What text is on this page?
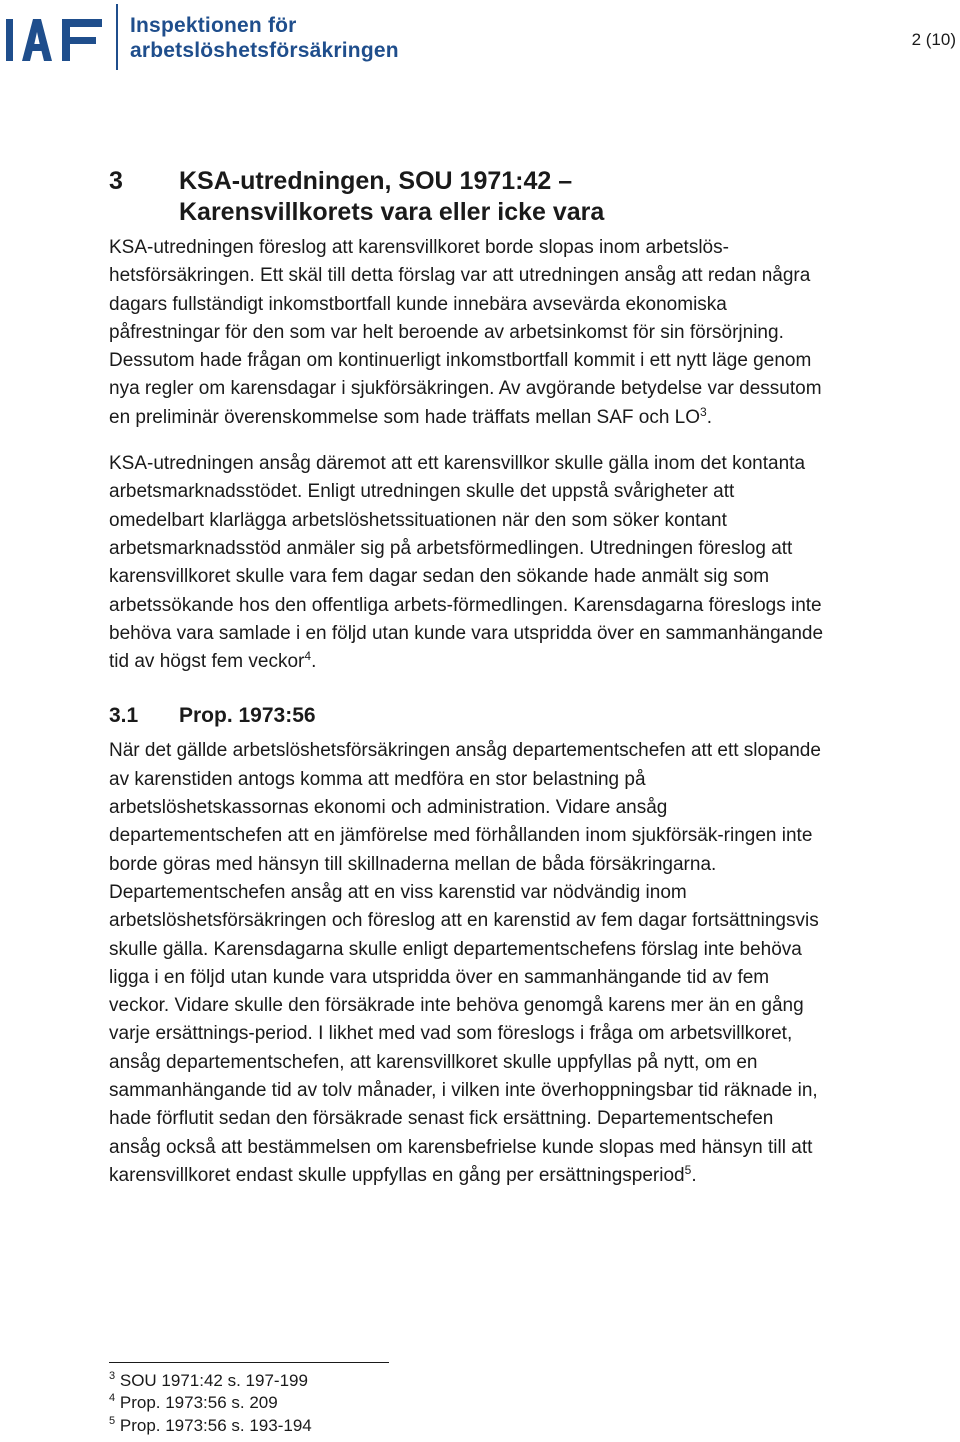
Inspektionen för
arbetslöshetsförsäkringen	2 (10)
3	KSA-utredningen, SOU 1971:42 –
Karensvillkorets vara eller icke vara

KSA-utredningen föreslog att karensvillkoret borde slopas inom arbetslös-hetsförsäkringen. Ett skäl till detta förslag var att utredningen ansåg att redan några dagars fullständigt inkomstbortfall kunde innebära avsevärda ekonomiska påfrestningar för den som var helt beroende av arbetsinkomst för sin försörjning. Dessutom hade frågan om kontinuerligt inkomstbortfall kommit i ett nytt läge genom nya regler om karensdagar i sjukförsäkringen. Av avgörande betydelse var dessutom en preliminär överenskommelse som hade träffats mellan SAF och $LO^3$.

KSA-utredningen ansåg däremot att ett karensvillkor skulle gälla inom det kontanta arbetsmarknadsstödet. Enligt utredningen skulle det uppstå svårigheter att omedelbart klarlägga arbetslöshetssituationen när den som söker kontant arbetsmarknadsstöd anmäler sig på arbetsförmedlingen. Utredningen föreslog att karensvillkoret skulle vara fem dagar sedan den sökande hade anmält sig som arbetssökande hos den offentliga arbets-förmedlingen. Karensdagarna föreslogs inte behöva vara samlade i en följd utan kunde vara utspridda över en sammanhängande tid av högst fem veckor$^4$.

3.1	Prop. 1973:56

När det gällde arbetslöshetsförsäkringen ansåg departementschefen att ett slopande av karenstiden antogs komma att medföra en stor belastning på arbetslöshetskassornas ekonomi och administration. Vidare ansåg departementschefen att en jämförelse med förhållanden inom sjukförsäk-ringen inte borde göras med hänsyn till skillnaderna mellan de båda försäkringarna. Departementschefen ansåg att en viss karenstid var nödvändig inom arbetslöshetsförsäkringen och föreslog att en karenstid av fem dagar fortsättningsvis skulle gälla. Karensdagarna skulle enligt departementschefens förslag inte behöva ligga i en följd utan kunde vara utspridda över en sammanhängande tid av fem veckor. Vidare skulle den försäkrade inte behöva genomgå karens mer än en gång varje ersättnings-period. I likhet med vad som föreslogs i fråga om arbetsvillkoret, ansåg departementschefen, att karensvillkoret skulle uppfyllas på nytt, om en sammanhängande tid av tolv månader, i vilken inte överhoppningsbar tid räknade in, hade förflutit sedan den försäkrade senast fick ersättning. Departementschefen ansåg också att bestämmelsen om karensbefrielse kunde slopas med hänsyn till att karensvillkoret endast skulle uppfyllas en gång per ersättningsperiod$^5$.

$^3$ SOU 1971:42 s. 197-199
$^4$ Prop. 1973:56 s. 209
$^5$ Prop. 1973:56 s. 193-194
